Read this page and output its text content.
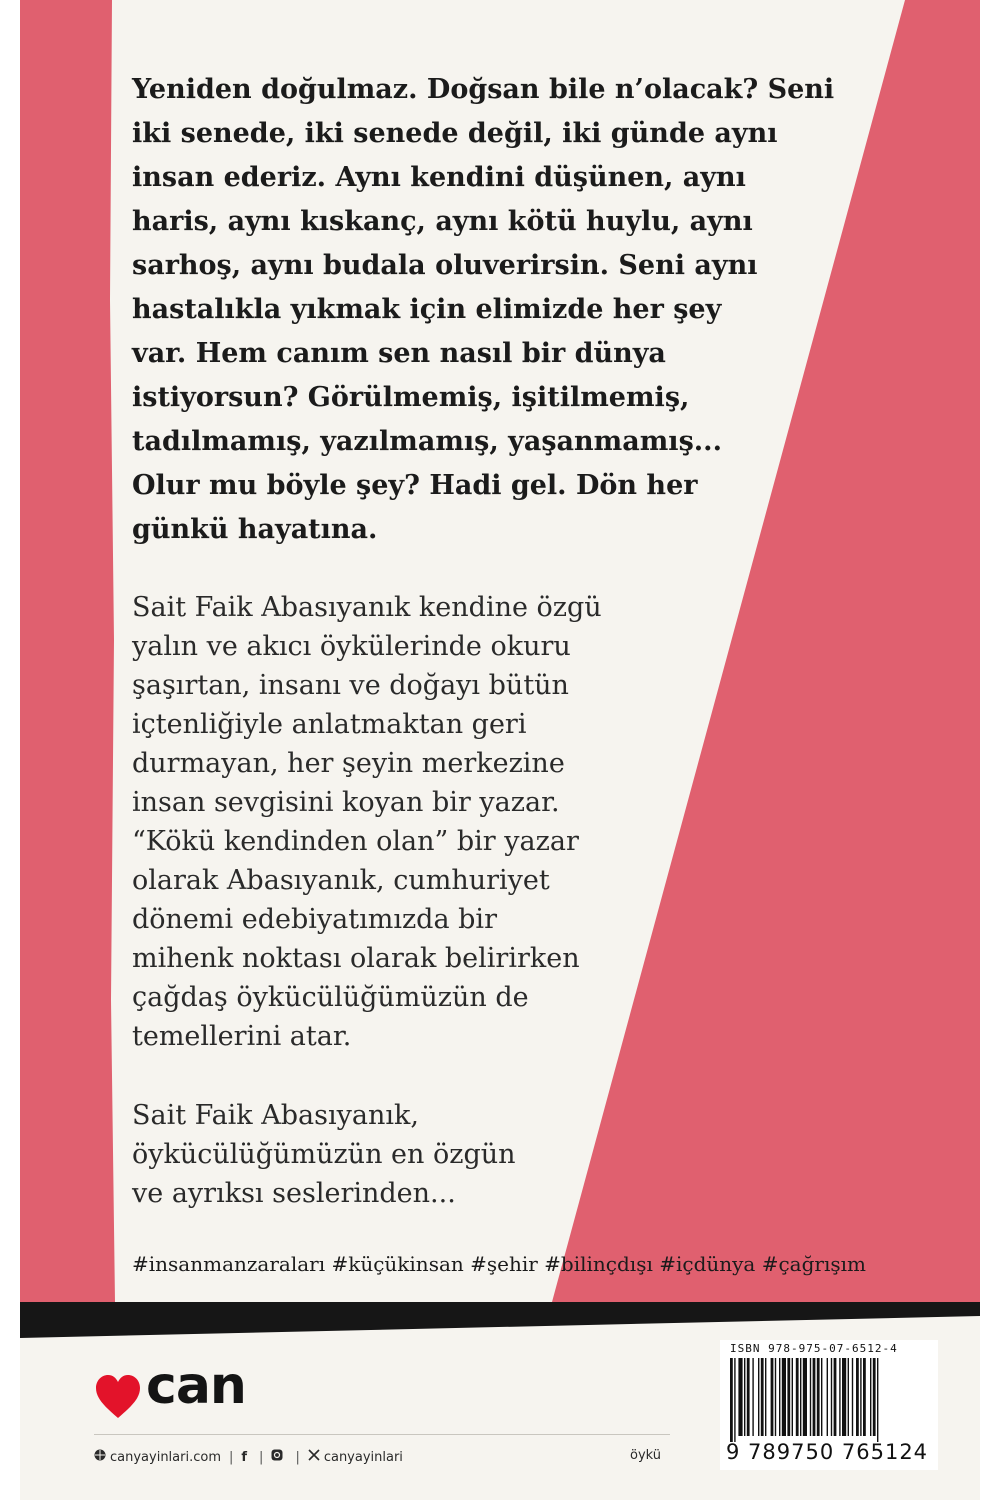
Yeniden doğulmaz. Doğsan bile n’olacak? Seni
iki senede, iki senede değil, iki günde aynı
insan ederiz. Aynı kendini düşünen, aynı
haris, aynı kıskanç, aynı kötü huylu, aynı
sarhoş, aynı budala oluverirsin. Seni aynı
hastalıkla yıkmak için elimizde her şey
var. Hem canım sen nasıl bir dünya
istiyorsun? Görülmemiş, işitilmemiş,
tadılmamış, yazılmamış, yaşanmamış...
Olur mu böyle şey? Hadi gel. Dön her
günkü hayatına.
Sait Faik Abasıyanık kendine özgü
yalın ve akıcı öykülerinde okuru
şaşırtan, insanı ve doğayı bütün
içtenliğiyle anlatmaktan geri
durmayan, her şeyin merkezine
insan sevgisini koyan bir yazar.
“Kökü kendinden olan” bir yazar
olarak Abasıyanık, cumhuriyet
dönemi edebiyatımızda bir
mihenk noktası olarak belirirken
çağdaş öykücülüğümüzün de
temellerini atar.
Sait Faik Abasıyanık,
öykücülüğümüzün en özgün
ve ayrıksı seslerinden...
#insanmanzaraları #küçükinsan #şehir #bilinçdışı #içdünya #çağrışım
can
canyayinlari.com | f | | canyayinlari	öykü
ISBN 978-975-07-6512-4
9 789750 765124
